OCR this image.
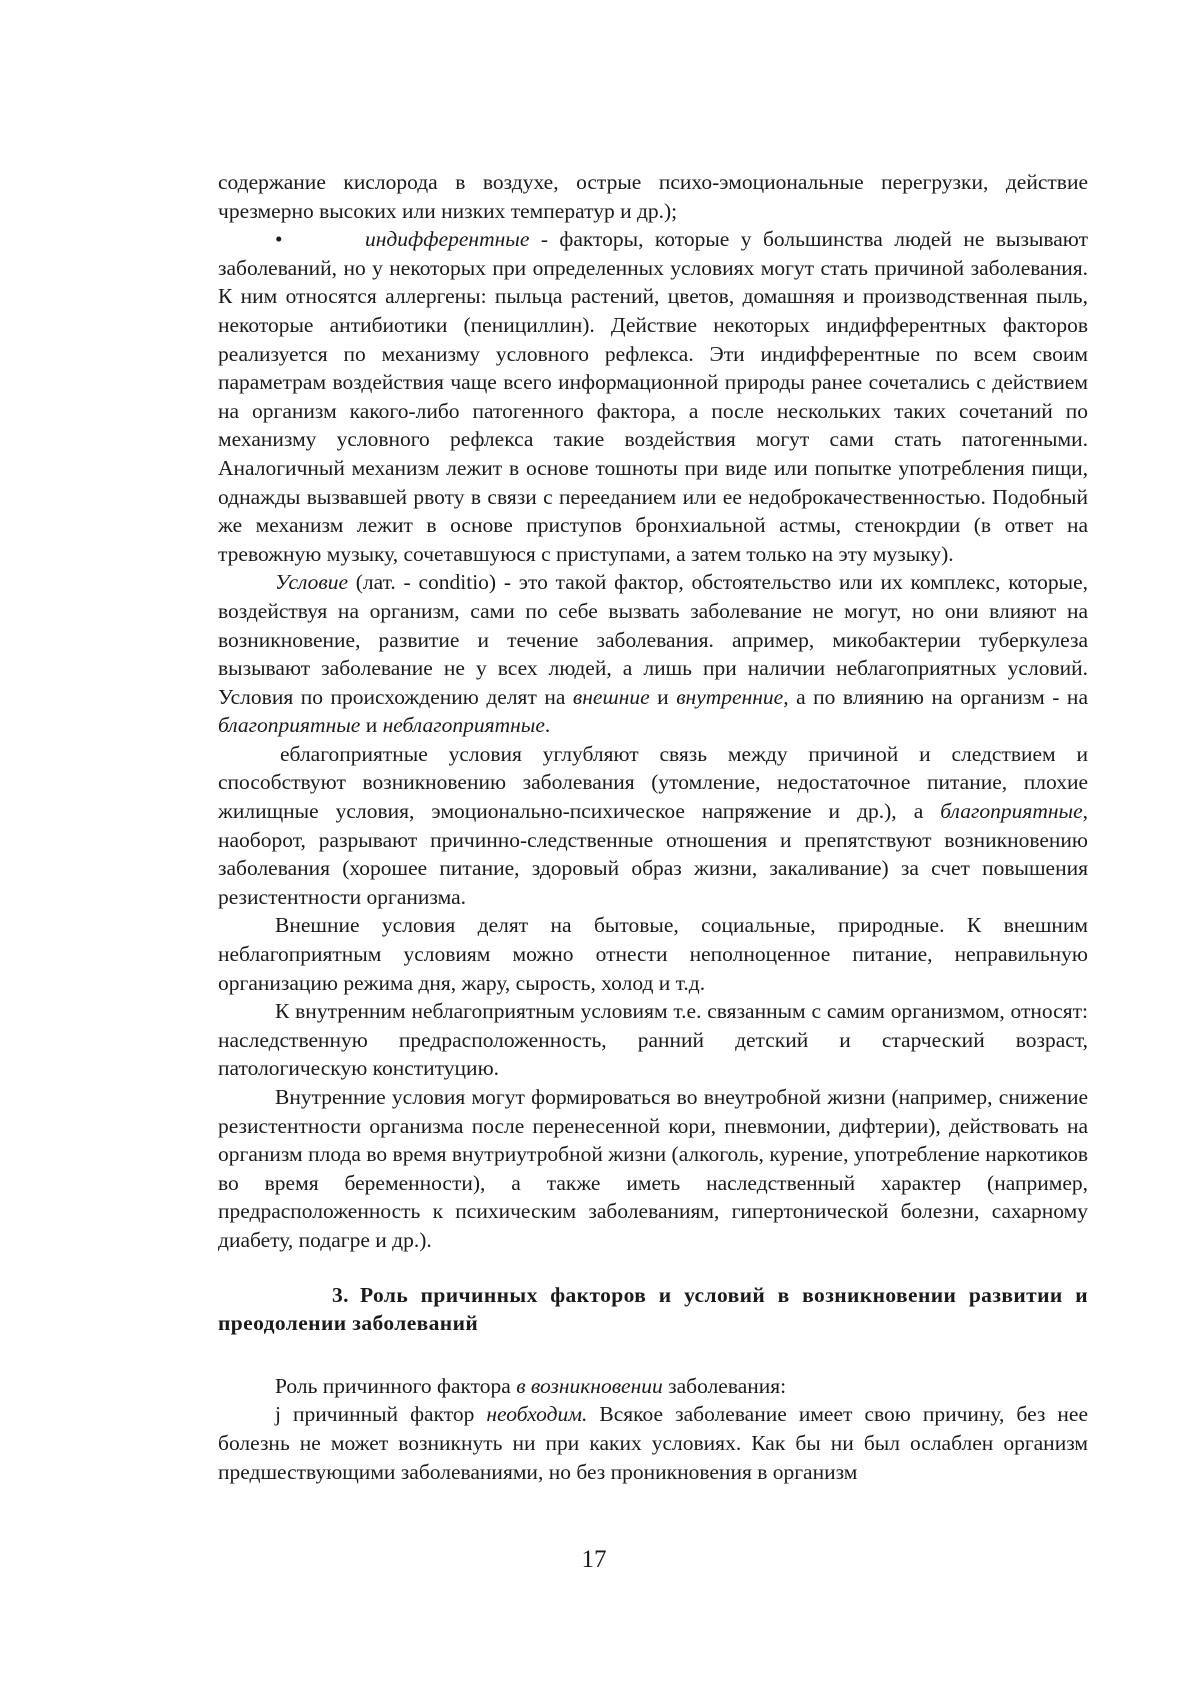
содержание кислорода в воздухе, острые психо-эмоциональные перегрузки, действие чрезмерно высоких или низких температур и др.);

•	индифферентные - факторы, которые у большинства людей не вызывают заболеваний, но у некоторых при определенных условиях могут стать причиной заболевания. К ним относятся аллергены: пыльца растений, цветов, домашняя и производственная пыль, некоторые антибиотики (пенициллин). Действие некоторых индифферентных факторов реализуется по механизму условного рефлекса. Эти индифферентные по всем своим параметрам воздействия чаще всего информационной природы ранее сочетались с действием на организм какого-либо патогенного фактора, а после нескольких таких сочетаний по механизму условного рефлекса такие воздействия могут сами стать патогенными. Аналогичный механизм лежит в основе тошноты при виде или попытке употребления пищи, однажды вызвавшей рвоту в связи с перееданием или ее недоброкачественностью. Подобный же механизм лежит в основе приступов бронхиальной астмы, стенокрдии (в ответ на тревожную музыку, сочетавшуюся с приступами, а затем только на эту музыку).

Условие (лат. - conditio) - это такой фактор, обстоятельство или их комплекс, которые, воздействуя на организм, сами по себе вызвать заболевание не могут, но они влияют на возникновение, развитие и течение заболевания. апример, микобактерии туберкулеза вызывают заболевание не у всех людей, а лишь при наличии неблагоприятных условий. Условия по происхождению делят на внешние и внутренние, а по влиянию на организм - на благоприятные и неблагоприятные.

еблагоприятные условия углубляют связь между причиной и следствием и способствуют возникновению заболевания (утомление, недостаточное питание, плохие жилищные условия, эмоционально-психическое напряжение и др.), а благоприятные, наоборот, разрывают причинно-следственные отношения и препятствуют возникновению заболевания (хорошее питание, здоровый образ жизни, закаливание) за счет повышения резистентности организма.

Внешние условия делят на бытовые, социальные, природные. К внешним неблагоприятным условиям можно отнести неполноценное питание, неправильную организацию режима дня, жару, сырость, холод и т.д.

К внутренним неблагоприятным условиям т.е. связанным с самим организмом, относят: наследственную предрасположенность, ранний детский и старческий возраст, патологическую конституцию.

Внутренние условия могут формироваться во внеутробной жизни (например, снижение резистентности организма после перенесенной кори, пневмонии, дифтерии), действовать на организм плода во время внутриутробной жизни (алкоголь, курение, употребление наркотиков во время беременности), а также иметь наследственный характер (например, предрасположенность к психическим заболеваниям, гипертонической болезни, сахарному диабету, подагре и др.).

3. Роль причинных факторов и условий в возникновении развитии и преодолении заболеваний

Роль причинного фактора в возникновении заболевания:

j причинный фактор необходим. Всякое заболевание имеет свою причину, без нее болезнь не может возникнуть ни при каких условиях. Как бы ни был ослаблен организм предшествующими заболеваниями, но без проникновения в организм

17
